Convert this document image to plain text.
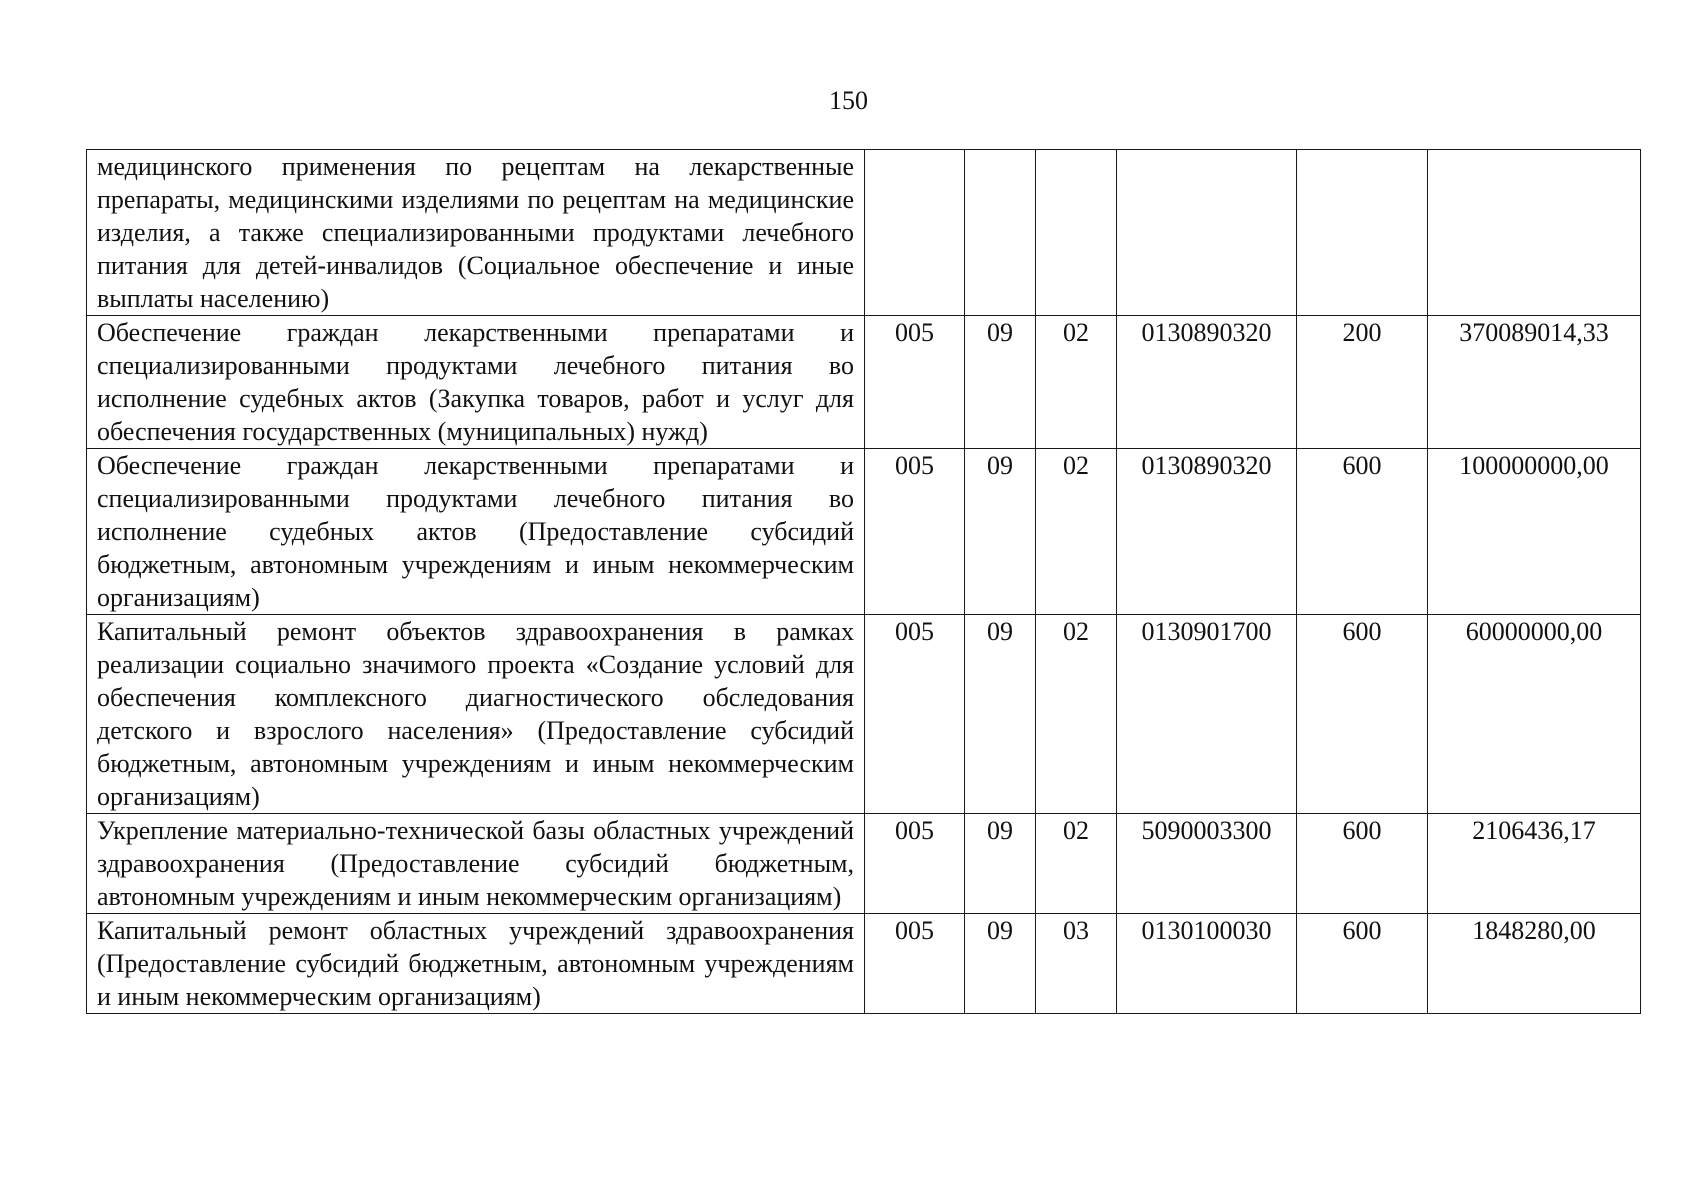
150
медицинского применения по рецептам на лекарственные препараты, медицинскими изделиями по рецептам на медицинские изделия, а также специализированными продуктами лечебного питания для детей-инвалидов (Социальное обеспечение и иные выплаты населению)						
Обеспечение граждан лекарственными препаратами и специализированными продуктами лечебного питания во исполнение судебных актов (Закупка товаров, работ и услуг для обеспечения государственных (муниципальных) нужд)	005	09	02	0130890320	200	370089014,33
Обеспечение граждан лекарственными препаратами и специализированными продуктами лечебного питания во исполнение судебных актов (Предоставление субсидий бюджетным, автономным учреждениям и иным некоммерческим организациям)	005	09	02	0130890320	600	100000000,00
Капитальный ремонт объектов здравоохранения в рамках реализации социально значимого проекта «Создание условий для обеспечения комплексного диагностического обследования детского и взрослого населения» (Предоставление субсидий бюджетным, автономным учреждениям и иным некоммерческим организациям)	005	09	02	0130901700	600	60000000,00
Укрепление материально-технической базы областных учреждений здравоохранения (Предоставление субсидий бюджетным, автономным учреждениям и иным некоммерческим организациям)	005	09	02	5090003300	600	2106436,17
Капитальный ремонт областных учреждений здравоохранения (Предоставление субсидий бюджетным, автономным учреждениям и иным некоммерческим организациям)	005	09	03	0130100030	600	1848280,00
